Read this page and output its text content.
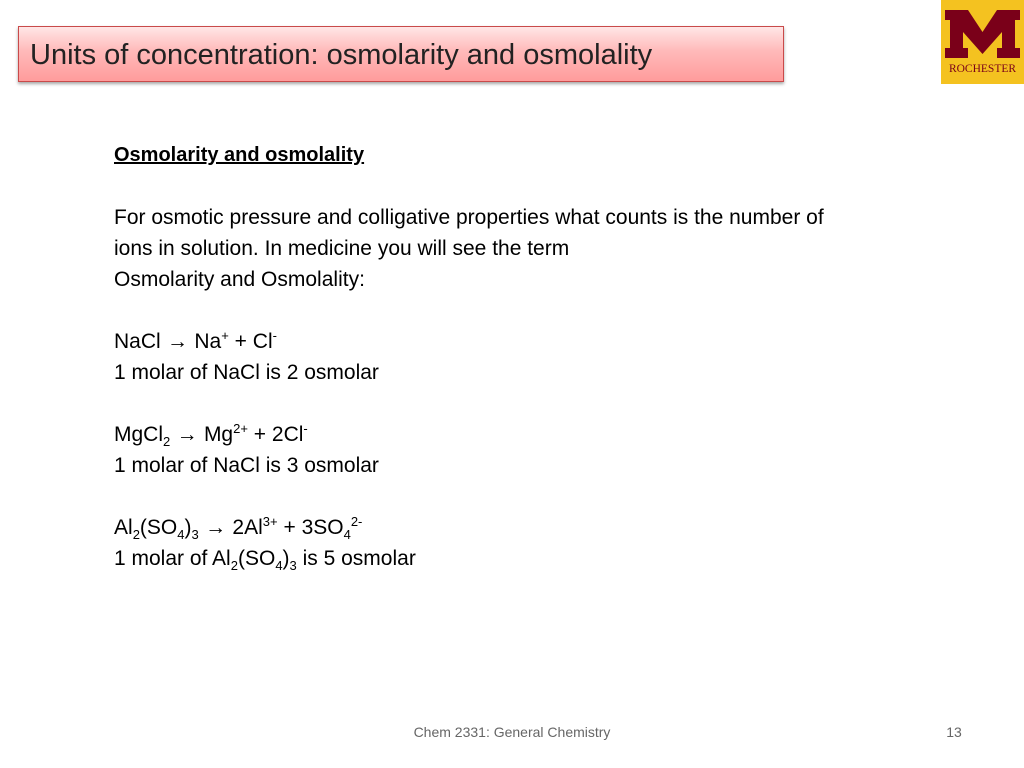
Units of concentration: osmolarity and osmolality	ROCHESTER
Osmolarity and osmolality
For osmotic pressure and colligative properties what counts is the number of
ions in solution. In medicine you will see the term
Osmolarity and Osmolality:
NaCl → Na+ + Cl-
1 molar of NaCl is 2 osmolar
MgCl$_2$ → $Mg^{2+} + 2Cl^-$
1 molar of NaCl is 3 osmolar
$Al_2(SO_4)_3 \to 2Al^{3+} + 3SO_4^{2-}$
1 molar of $Al_2(SO_4)_3$ is 5 osmolar
Chem 2331: General Chemistry	13
